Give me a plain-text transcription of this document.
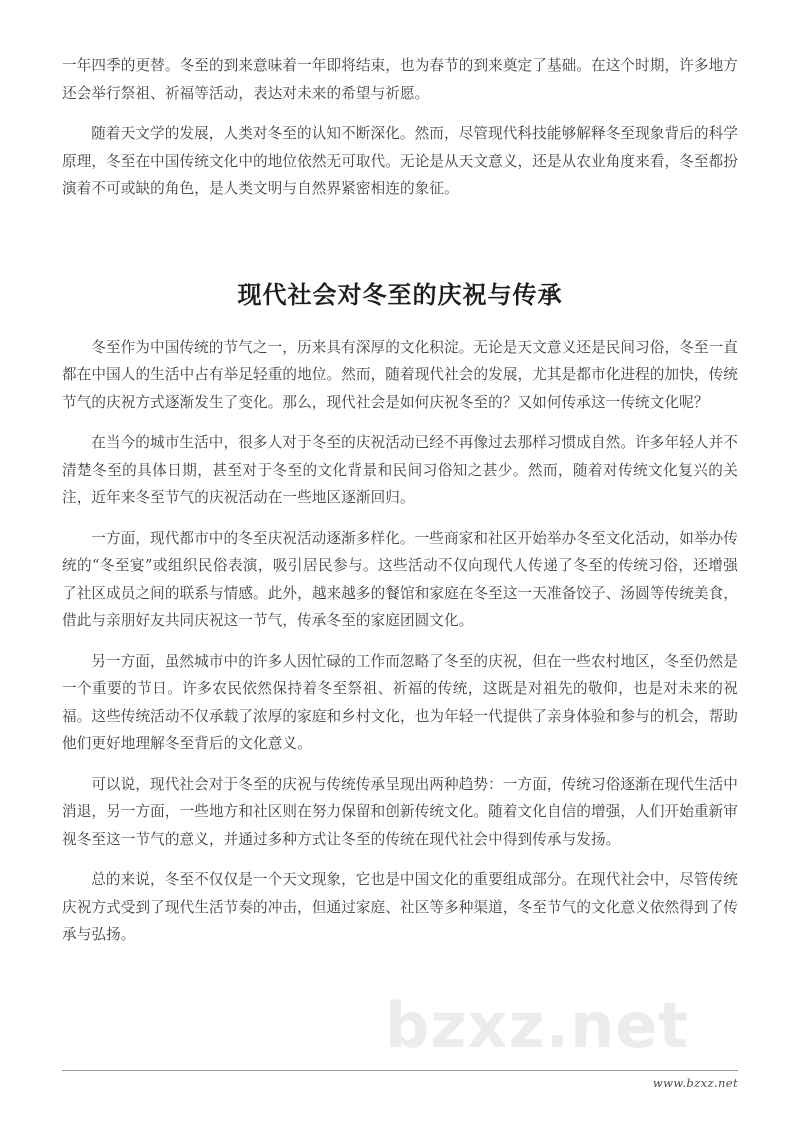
bzxz.net

一年四季的更替。冬至的到来意味着一年即将结束，也为春节的到来奠定了基础。在这个时期，许多地方还会举行祭祖、祈福等活动，表达对未来的希望与祈愿。

随着天文学的发展，人类对冬至的认知不断深化。然而，尽管现代科技能够解释冬至现象背后的科学原理，冬至在中国传统文化中的地位依然无可取代。无论是从天文意义，还是从农业角度来看，冬至都扮演着不可或缺的角色，是人类文明与自然界紧密相连的象征。

现代社会对冬至的庆祝与传承

冬至作为中国传统的节气之一，历来具有深厚的文化积淀。无论是天文意义还是民间习俗，冬至一直都在中国人的生活中占有举足轻重的地位。然而，随着现代社会的发展，尤其是都市化进程的加快，传统节气的庆祝方式逐渐发生了变化。那么，现代社会是如何庆祝冬至的？又如何传承这一传统文化呢？

在当今的城市生活中，很多人对于冬至的庆祝活动已经不再像过去那样习惯成自然。许多年轻人并不清楚冬至的具体日期，甚至对于冬至的文化背景和民间习俗知之甚少。然而，随着对传统文化复兴的关注，近年来冬至节气的庆祝活动在一些地区逐渐回归。

一方面，现代都市中的冬至庆祝活动逐渐多样化。一些商家和社区开始举办冬至文化活动，如举办传统的“冬至宴”或组织民俗表演，吸引居民参与。这些活动不仅向现代人传递了冬至的传统习俗，还增强了社区成员之间的联系与情感。此外，越来越多的餐馆和家庭在冬至这一天准备饺子、汤圆等传统美食，借此与亲朋好友共同庆祝这一节气，传承冬至的家庭团圆文化。

另一方面，虽然城市中的许多人因忙碌的工作而忽略了冬至的庆祝，但在一些农村地区，冬至仍然是一个重要的节日。许多农民依然保持着冬至祭祖、祈福的传统，这既是对祖先的敬仰，也是对未来的祝福。这些传统活动不仅承载了浓厚的家庭和乡村文化，也为年轻一代提供了亲身体验和参与的机会，帮助他们更好地理解冬至背后的文化意义。

可以说，现代社会对于冬至的庆祝与传统传承呈现出两种趋势：一方面，传统习俗逐渐在现代生活中消退，另一方面，一些地方和社区则在努力保留和创新传统文化。随着文化自信的增强，人们开始重新审视冬至这一节气的意义，并通过多种方式让冬至的传统在现代社会中得到传承与发扬。

总的来说，冬至不仅仅是一个天文现象，它也是中国文化的重要组成部分。在现代社会中，尽管传统庆祝方式受到了现代生活节奏的冲击，但通过家庭、社区等多种渠道，冬至节气的文化意义依然得到了传承与弘扬。

www.bzxz.net
